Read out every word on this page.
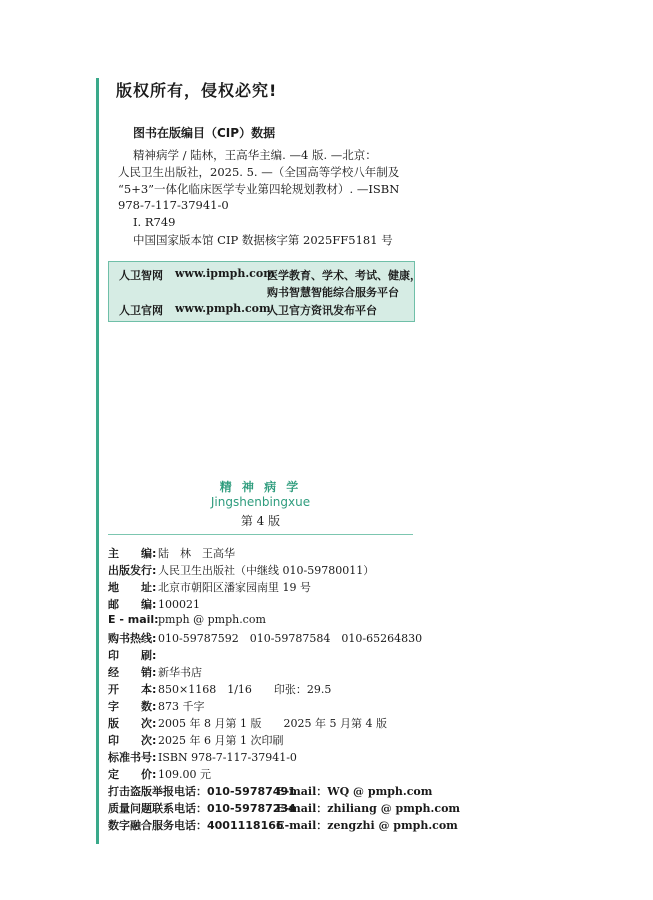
版权所有，侵权必究!
图书在版编目（CIP）数据
精神病学 / 陆林，王高华主编. —4 版. —北京：
人民卫生出版社，2025. 5. —（全国高等学校八年制及
“5+3”一体化临床医学专业第四轮规划教材）. —ISBN
978-7-117-37941-0
Ⅰ. R749
中国国家版本馆 CIP 数据核字第 2025FF5181 号
人卫智网 www.ipmph.com
医学教育、学术、考试、健康，
购书智慧智能综合服务平台
人卫官网 www.pmph.com
人卫官方资讯发布平台
精 神 病 学
Jingshenbingxue
第 4 版
主　　编: 陆　林　王高华
出版发行: 人民卫生出版社（中继线 010-59780011）
地　　址: 北京市朝阳区潘家园南里 19 号
邮　　编: 100021
E - mail:pmph @ pmph.com
购书热线: 010-59787592　010-59787584　010-65264830
印　　刷:
经　　销: 新华书店
开　　本: 850×1168　1/16　　印张：29.5
字　　数: 873 千字
版　　次: 2005 年 8 月第 1 版　　2025 年 5 月第 4 版
印　　次: 2025 年 6 月第 1 次印刷
标准书号: ISBN 978-7-117-37941-0
定　　价: 109.00 元
打击盗版举报电话：010-59787491
E-mail：WQ @ pmph.com
质量问题联系电话：010-59787234
E-mail：zhiliang @ pmph.com
数字融合服务电话：4001118166
E-mail：zengzhi @ pmph.com
